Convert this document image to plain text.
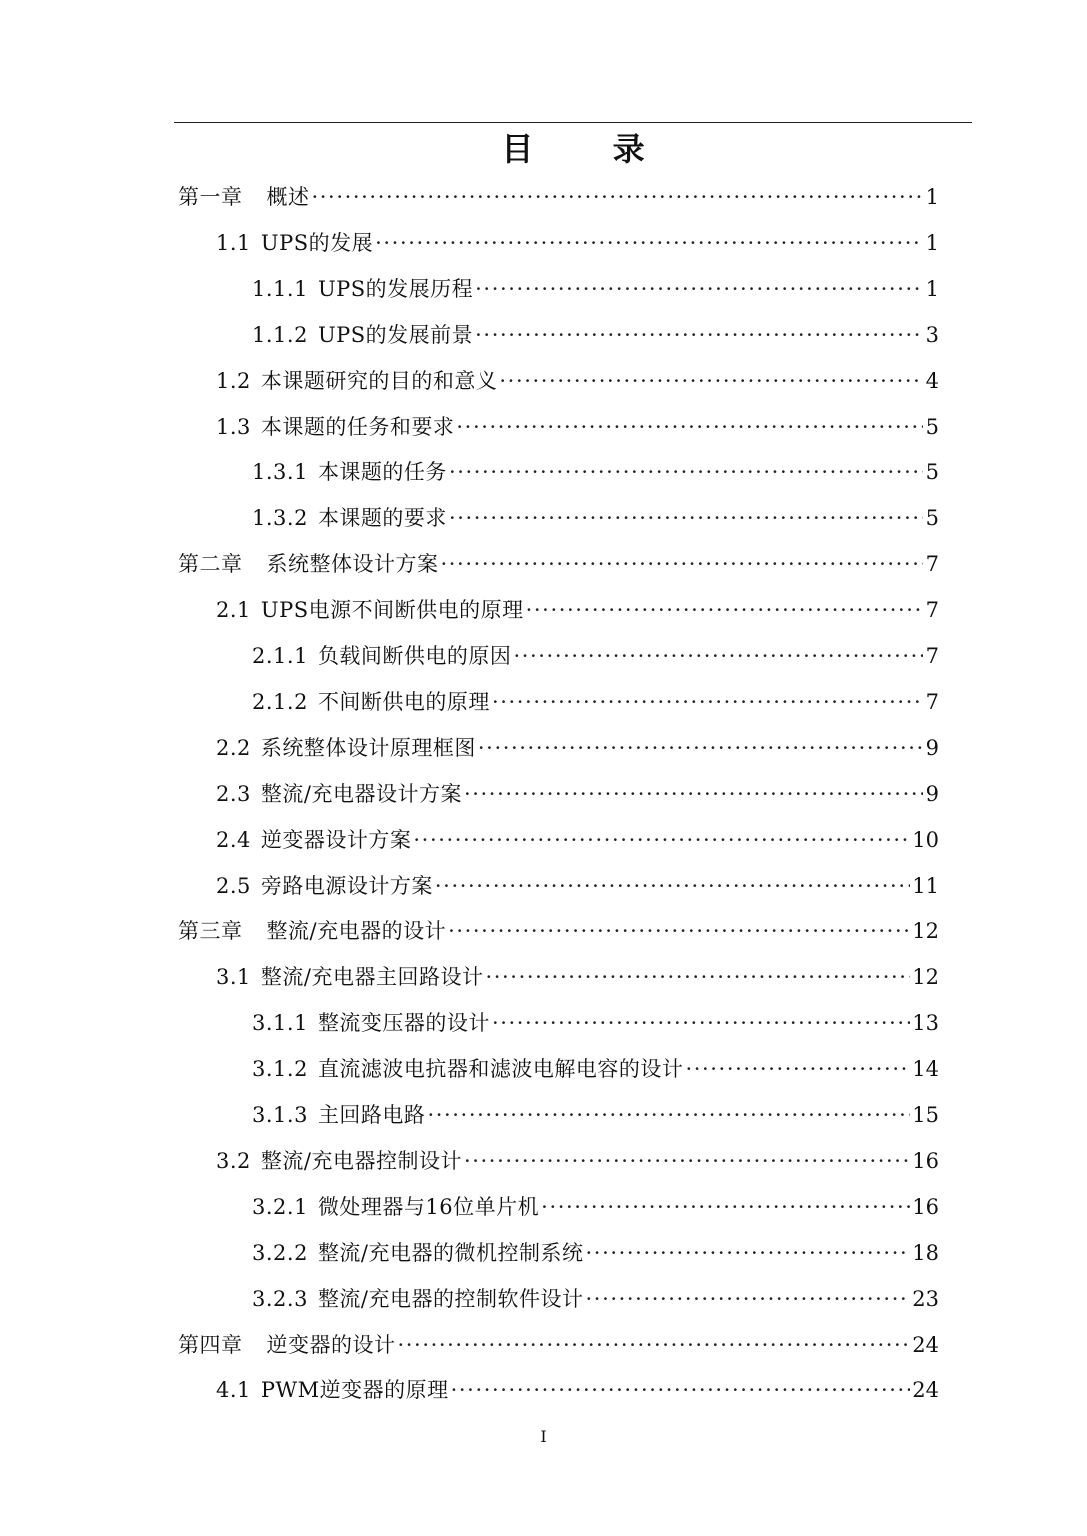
目 录
第一章 概述 ·····	1
1.1 UPS的发展 ·····	1
1.1.1 UPS的发展历程 ·····	1
1.1.2 UPS的发展前景 ·····	3
1.2 本课题研究的目的和意义 ·····	4
1.3 本课题的任务和要求 ·····	5
1.3.1 本课题的任务 ·····	5
1.3.2 本课题的要求 ·····	5
第二章 系统整体设计方案 ·····	7
2.1 UPS电源不间断供电的原理 ·····	7
2.1.1 负载间断供电的原因 ·····	7
2.1.2 不间断供电的原理 ·····	7
2.2 系统整体设计原理框图 ·····	9
2.3 整流/充电器设计方案 ·····	9
2.4 逆变器设计方案 ·····	10
2.5 旁路电源设计方案 ·····	11
第三章 整流/充电器的设计 ·····	12
3.1 整流/充电器主回路设计 ·····	12
3.1.1 整流变压器的设计 ·····	13
3.1.2 直流滤波电抗器和滤波电解电容的设计 ·····	14
3.1.3 主回路电路 ·····	15
3.2 整流/充电器控制设计 ·····	16
3.2.1 微处理器与16位单片机 ·····	16
3.2.2 整流/充电器的微机控制系统 ·····	18
3.2.3 整流/充电器的控制软件设计 ·····	23
第四章 逆变器的设计 ·····	24
4.1 PWM逆变器的原理 ·····	24
I
